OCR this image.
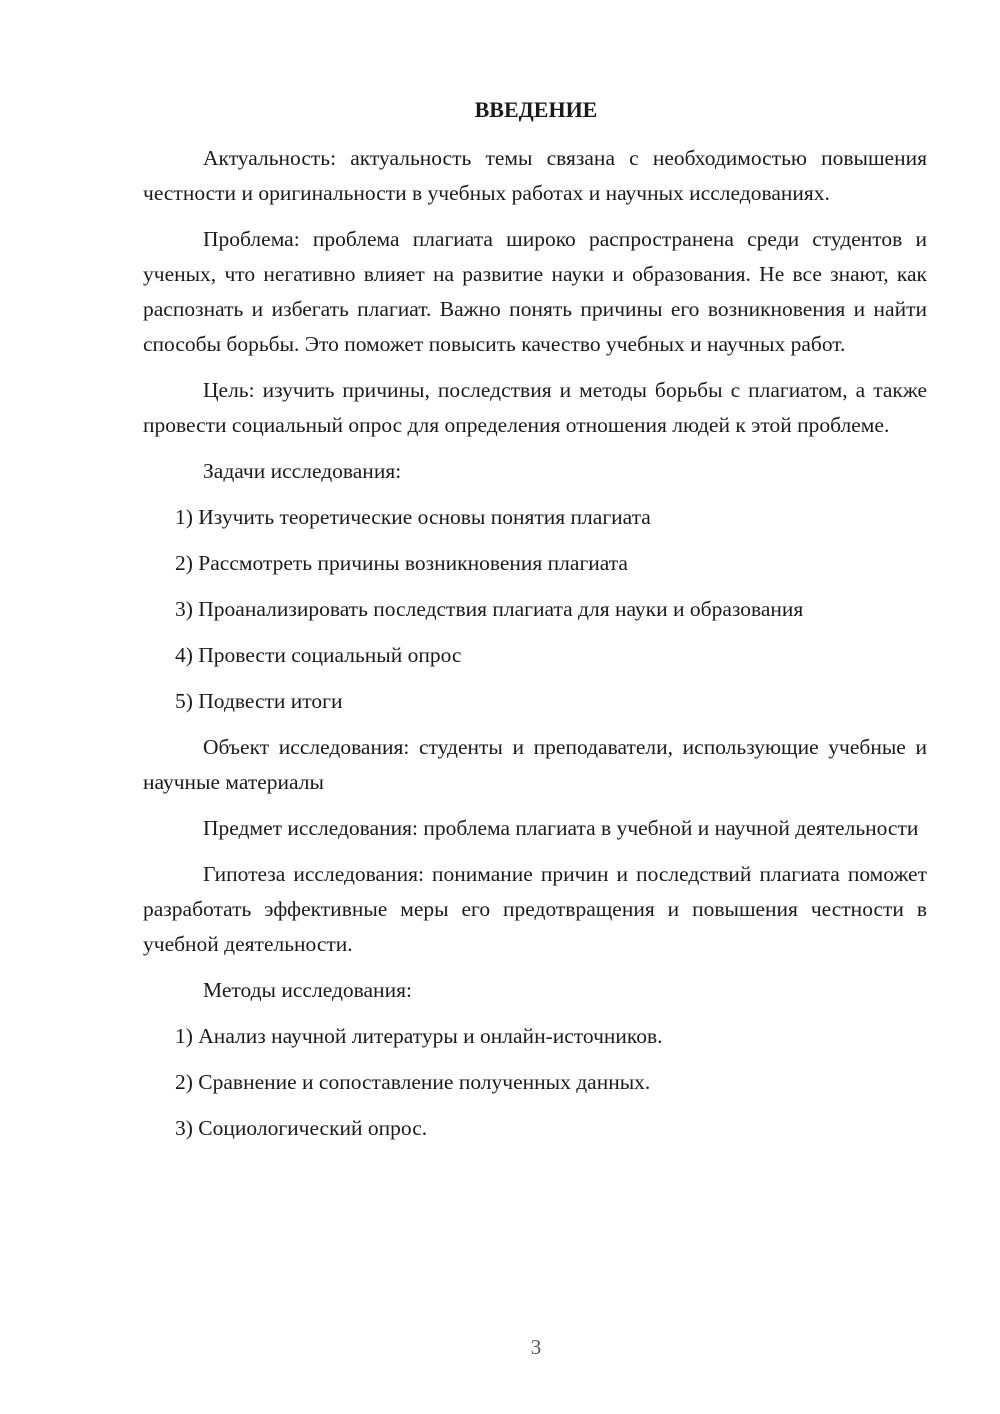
ВВЕДЕНИЕ

Актуальность: актуальность темы связана с необходимостью повышения честности и оригинальности в учебных работах и научных исследованиях.

Проблема: проблема плагиата широко распространена среди студентов и ученых, что негативно влияет на развитие науки и образования. Не все знают, как распознать и избегать плагиат. Важно понять причины его возникновения и найти способы борьбы. Это поможет повысить качество учебных и научных работ.

Цель: изучить причины, последствия и методы борьбы с плагиатом, а также провести социальный опрос для определения отношения людей к этой проблеме.

Задачи исследования:

1) Изучить теоретические основы понятия плагиата

2) Рассмотреть причины возникновения плагиата

3) Проанализировать последствия плагиата для науки и образования

4) Провести социальный опрос

5) Подвести итоги

Объект исследования: студенты и преподаватели, использующие учебные и научные материалы

Предмет исследования: проблема плагиата в учебной и научной деятельности

Гипотеза исследования: понимание причин и последствий плагиата поможет разработать эффективные меры его предотвращения и повышения честности в учебной деятельности.

Методы исследования:

1) Анализ научной литературы и онлайн-источников.

2) Сравнение и сопоставление полученных данных.

3) Социологический опрос.

3
